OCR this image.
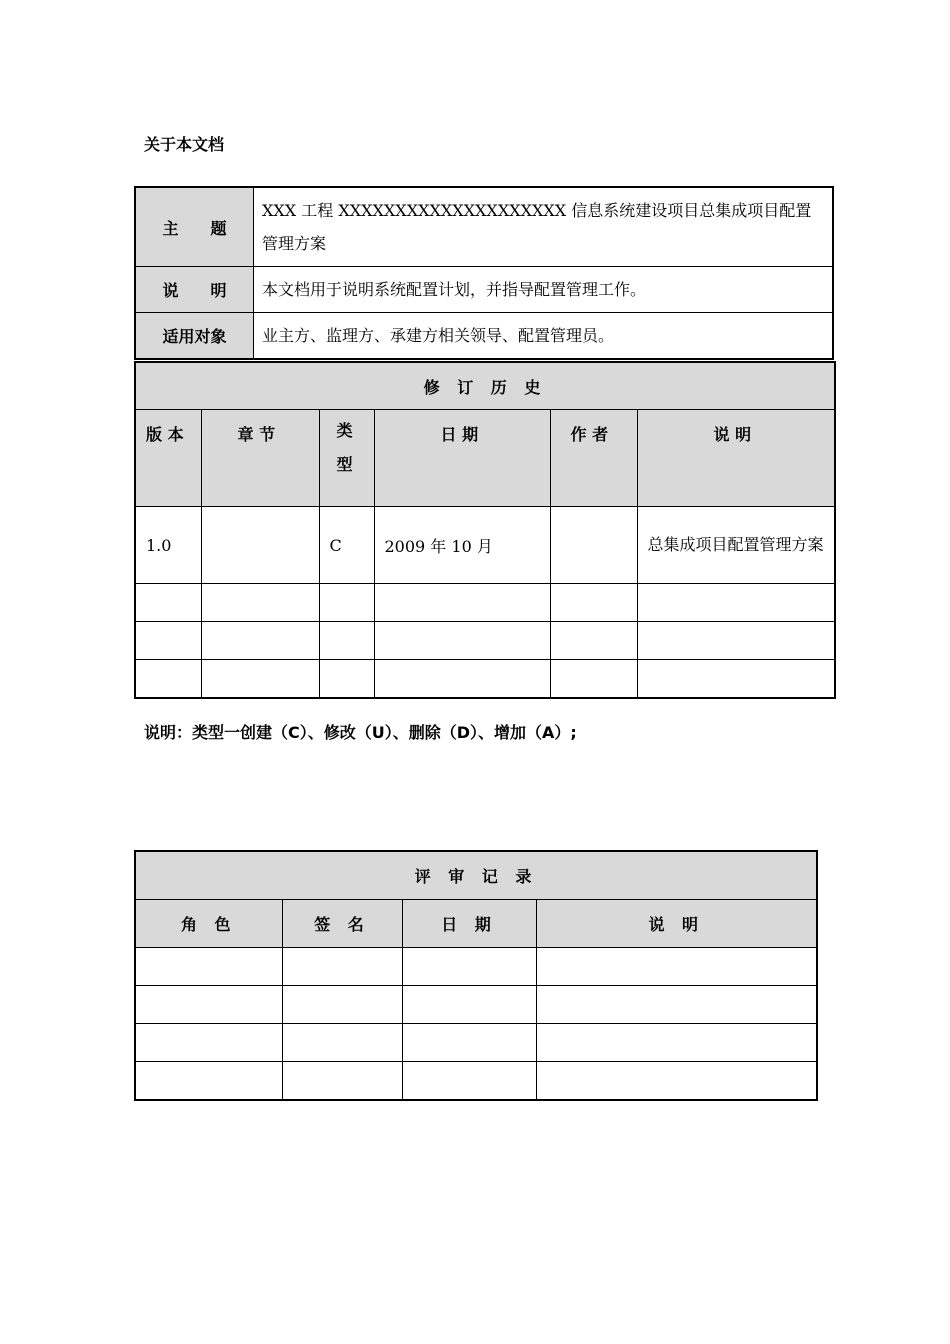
关于本文档
主　　题	XXX 工程 XXXXXXXXXXXXXXXXXXXX 信息系统建设项目总集成项目配置管理方案
说　　明	本文档用于说明系统配置计划，并指导配置管理工作。
适用对象	业主方、监理方、承建方相关领导、配置管理员。
修 订 历 史					
版 本	章 节	类型	日 期	作 者	说 明
1.0		C	2009 年 10 月		总集成项目配置管理方案

说明：类型一创建（C）、修改（U）、删除（D）、增加（A）;
评 审 记 录			
角 色	签 名	日 期	说 明
